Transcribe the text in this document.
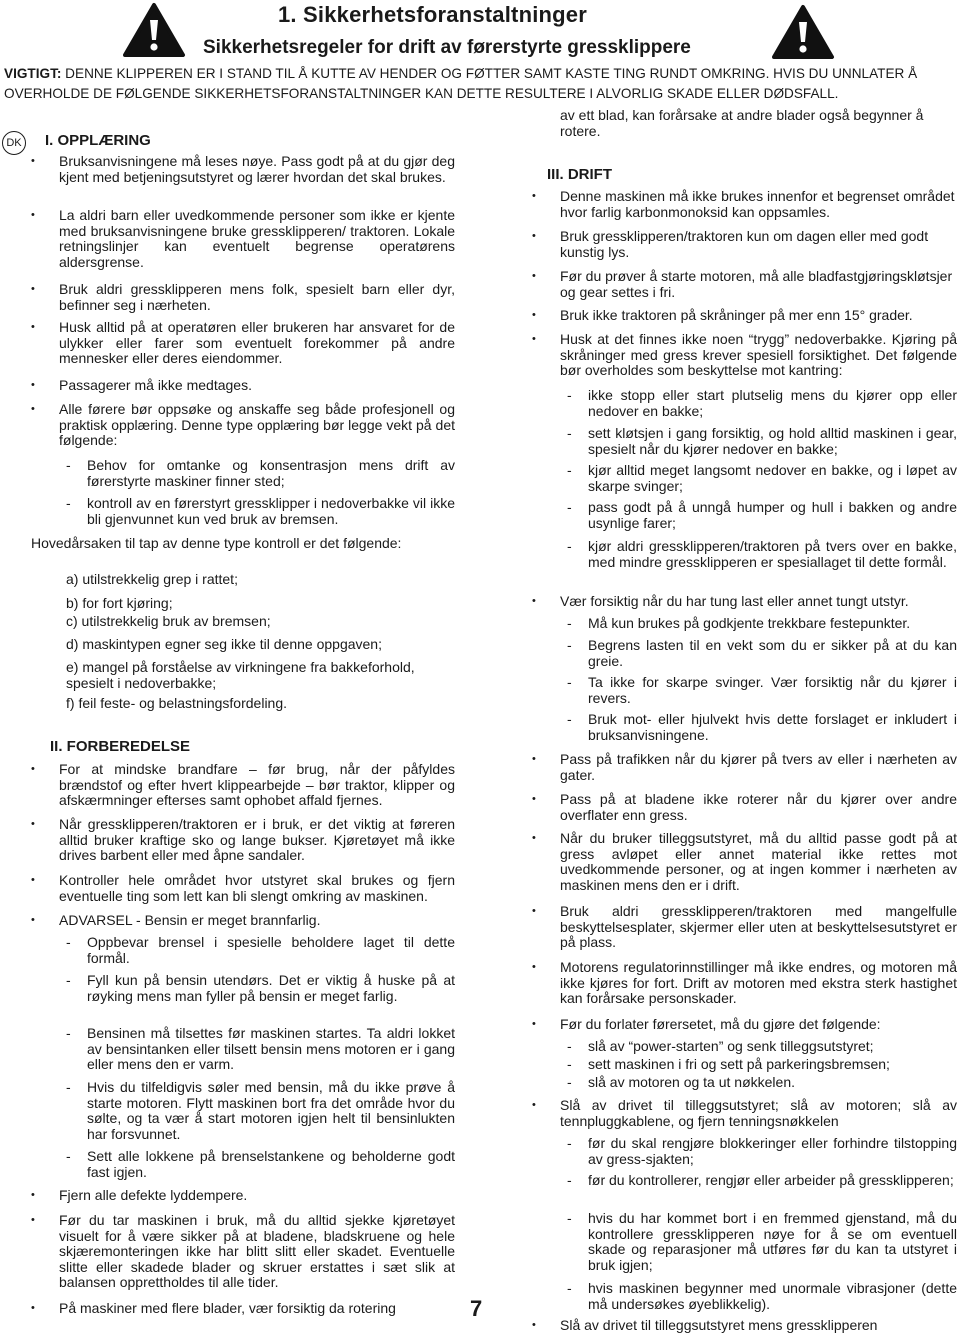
1. Sikkerhetsforanstaltninger
Sikkerhetsregeler for drift av førerstyrte gressklippere
VIGTIGT: DENNE KLIPPEREN ER I STAND TIL Å KUTTE AV HENDER OG FØTTER SAMT KASTE TING RUNDT OMKRING. HVIS DU UNNLATER Å OVERHOLDE DE FØLGENDE SIKKERHETSFORANSTALTNINGER KAN DETTE RESULTERE I ALVORLIG SKADE ELLER DØDSFALL.
DK I. OPPLÆRING
• Bruksanvisningene må leses nøye. Pass godt på at du gjør deg kjent med betjeningsutstyret og lærer hvordan det skal brukes.
• La aldri barn eller uvedkommende personer som ikke er kjente med bruksanvisningene bruke gressklipperen/ traktoren. Lokale retningslinjer kan eventuelt begrense operatørens aldersgrense.
• Bruk aldri gressklipperen mens folk, spesielt barn eller dyr, befinner seg i nærheten.
• Husk alltid på at operatøren eller brukeren har ansvaret for de ulykker eller farer som eventuelt forekommer på andre mennesker eller deres eiendommer.
• Passagerer må ikke medtages.
• Alle førere bør oppsøke og anskaffe seg både profesjonell og praktisk opplæring. Denne type opplæring bør legge vekt på det følgende:
- Behov for omtanke og konsentrasjon mens drift av førerstyrte maskiner finner sted;
- kontroll av en førerstyrt gressklipper i nedoverbakke vil ikke bli gjenvunnet kun ved bruk av bremsen.
Hovedårsaken til tap av denne type kontroll er det følgende:
a) utilstrekkelig grep i rattet;
b) for fort kjøring;
c) utilstrekkelig bruk av bremsen;
d) maskintypen egner seg ikke til denne oppgaven;
e) mangel på forståelse av virkningene fra bakkeforhold, spesielt i nedoverbakke;
f) feil feste- og belastningsfordeling.
II. FORBEREDELSE
• For at mindske brandfare – før brug, når der påfyldes brændstof og efter hvert klippearbejde – bør traktor, klipper og afskærmninger efterses samt ophobet affald fjernes.
• Når gressklipperen/traktoren er i bruk, er det viktig at føreren alltid bruker kraftige sko og lange bukser. Kjøretøyet må ikke drives barbent eller med åpne sandaler.
• Kontroller hele området hvor utstyret skal brukes og fjern eventuelle ting som lett kan bli slengt omkring av maskinen.
• ADVARSEL - Bensin er meget brannfarlig.
- Oppbevar brensel i spesielle beholdere laget til dette formål.
- Fyll kun på bensin utendørs. Det er viktig å huske på at røyking mens man fyller på bensin er meget farlig.
- Bensinen må tilsettes før maskinen startes. Ta aldri lokket av bensintanken eller tilsett bensin mens motoren er i gang eller mens den er varm.
- Hvis du tilfeldigvis søler med bensin, må du ikke prøve å starte motoren. Flytt maskinen bort fra det område hvor du sølte, og ta vær å start motoren igjen helt til bensinlukten har forsvunnet.
- Sett alle lokkene på brenselstankene og beholderne godt fast igjen.
• Fjern alle defekte lyddempere.
• Før du tar maskinen i bruk, må du alltid sjekke kjøretøyet visuelt for å være sikker på at bladene, bladskruene og hele skjæremonteringen ikke har blitt slitt eller skadet. Eventuelle slitte eller skadede blader og skruer erstattes i sæt slik at balansen opprettholdes til alle tider.
• På maskiner med flere blader, vær forsiktig da rotering	7
av ett blad, kan forårsake at andre blader også begynner å rotere.
III. DRIFT
• Denne maskinen må ikke brukes innenfor et begrenset området hvor farlig karbonmonoksid kan oppsamles.
• Bruk gressklipperen/traktoren kun om dagen eller med godt kunstig lys.
• Før du prøver å starte motoren, må alle bladfastgjøringskløtsjer og gear settes i fri.
• Bruk ikke traktoren på skråninger på mer enn 15° grader.
• Husk at det finnes ikke noen “trygg” nedoverbakke. Kjøring på skråninger med gress krever spesiell forsiktighet. Det følgende bør overholdes som beskyttelse mot kantring:
- ikke stopp eller start plutselig mens du kjører opp eller nedover en bakke;
- sett kløtsjen i gang forsiktig, og hold alltid maskinen i gear, spesielt når du kjører nedover en bakke;
- kjør alltid meget langsomt nedover en bakke, og i løpet av skarpe svinger;
- pass godt på å unngå humper og hull i bakken og andre usynlige farer;
- kjør aldri gressklipperen/traktoren på tvers over en bakke, med mindre gressklipperen er spesiallaget til dette formål.
• Vær forsiktig når du har tung last eller annet tungt utstyr.
- Må kun brukes på godkjente trekkbare festepunkter.
- Begrens lasten til en vekt som du er sikker på at du kan greie.
- Ta ikke for skarpe svinger. Vær forsiktig når du kjører i revers.
- Bruk mot- eller hjulvekt hvis dette forslaget er inkludert i bruksanvisningene.
• Pass på trafikken når du kjører på tvers av eller i nærheten av gater.
• Pass på at bladene ikke roterer når du kjører over andre overflater enn gress.
• Når du bruker tilleggsutstyret, må du alltid passe godt på at gress avløpet eller annet material ikke rettes mot uvedkommende personer, og at ingen kommer i nærheten av maskinen mens den er i drift.
• Bruk aldri gressklipperen/traktoren med mangelfulle beskyttelsesplater, skjermer eller uten at beskyttelsesutstyret er på plass.
• Motorens regulatorinnstillinger må ikke endres, og motoren må ikke kjøres for fort. Drift av motoren med ekstra sterk hastighet kan forårsake personskader.
• Før du forlater førersetet, må du gjøre det følgende:
- slå av “power-starten” og senk tilleggsutstyret;
- sett maskinen i fri og sett på parkeringsbremsen;
- slå av motoren og ta ut nøkkelen.
• Slå av drivet til tilleggsutstyret; slå av motoren; slå av tennpluggkablene, og fjern tenningsnøkkelen
- før du skal rengjøre blokkeringer eller forhindre tilstopping av gress-sjakten;
- før du kontrollerer, rengjør eller arbeider på gressklipperen;
- hvis du har kommet bort i en fremmed gjenstand, må du kontrollere gressklipperen nøye for å se om eventuell skade og reparasjoner må utføres før du kan ta utstyret i bruk igjen;
- hvis maskinen begynner med unormale vibrasjoner (dette må undersøkes øyeblikkelig).
• Slå av drivet til tilleggsutstyret mens gressklipperen
